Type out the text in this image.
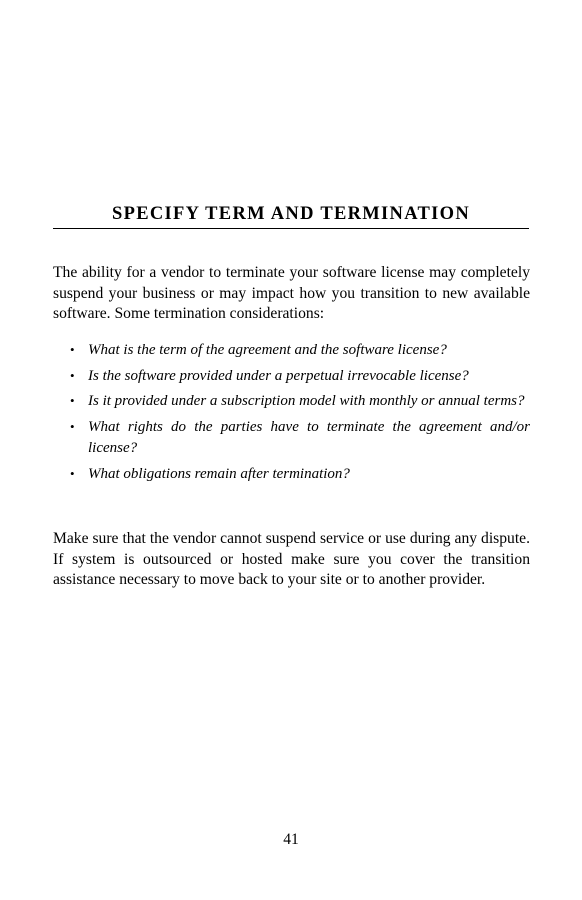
SPECIFY TERM AND TERMINATION

The ability for a vendor to terminate your software license may completely suspend your business or may impact how you transition to new available software. Some termination considerations:

• What is the term of the agreement and the software license?
• Is the software provided under a perpetual irrevocable license?
• Is it provided under a subscription model with monthly or annual terms?
• What rights do the parties have to terminate the agreement and/or license?
• What obligations remain after termination?

Make sure that the vendor cannot suspend service or use during any dispute. If system is outsourced or hosted make sure you cover the transition assistance necessary to move back to your site or to another provider.

41
